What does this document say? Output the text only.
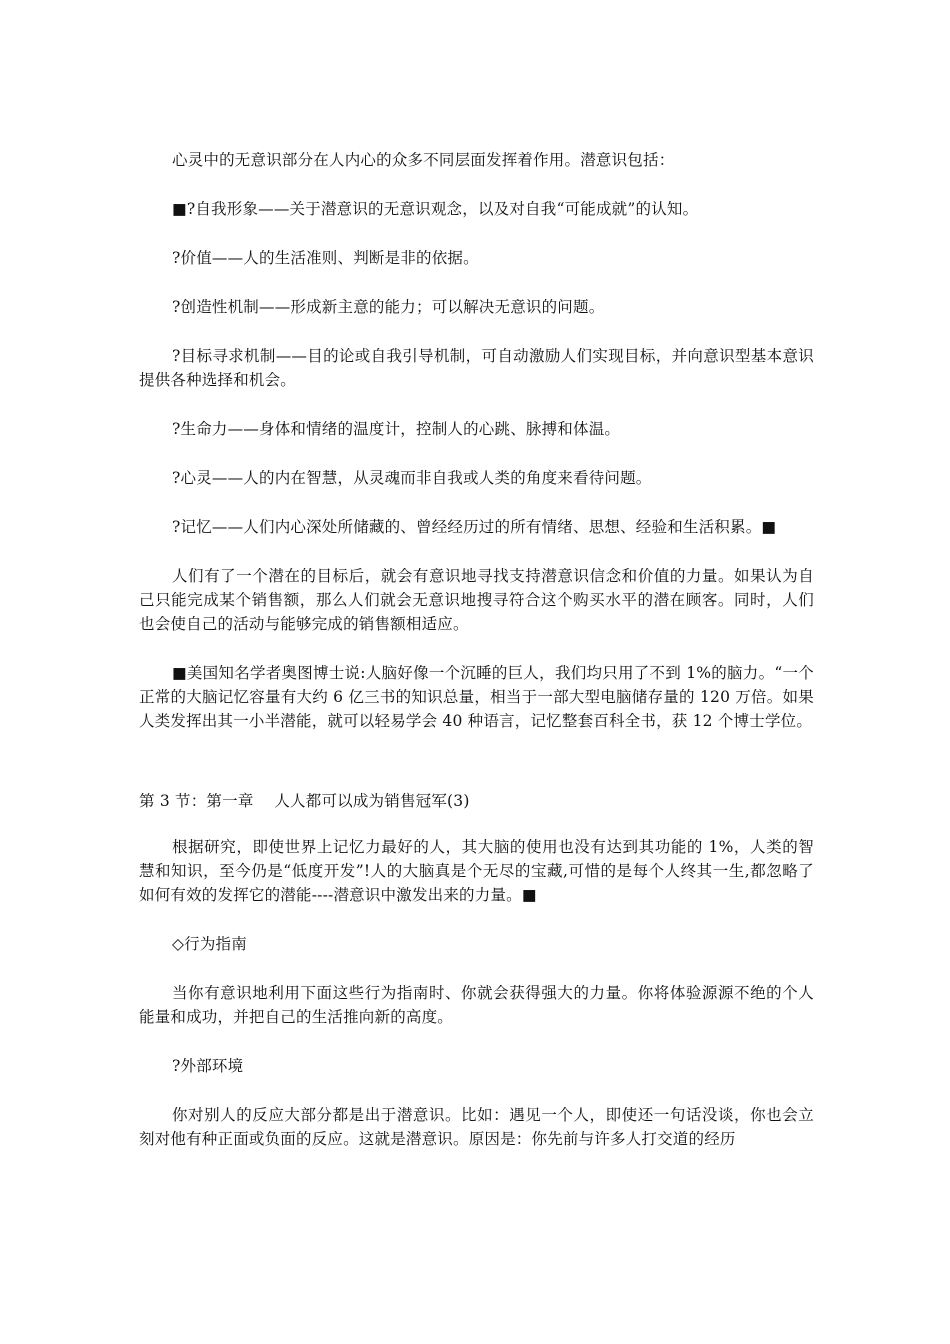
心灵中的无意识部分在人内心的众多不同层面发挥着作用。潜意识包括：

■?自我形象——关于潜意识的无意识观念，以及对自我“可能成就”的认知。

?价值——人的生活准则、判断是非的依据。

?创造性机制——形成新主意的能力；可以解决无意识的问题。

?目标寻求机制——目的论或自我引导机制，可自动激励人们实现目标，并向意识型基本意识提供各种选择和机会。

?生命力——身体和情绪的温度计，控制人的心跳、脉搏和体温。

?心灵——人的内在智慧，从灵魂而非自我或人类的角度来看待问题。

?记忆——人们内心深处所储藏的、曾经经历过的所有情绪、思想、经验和生活积累。■

人们有了一个潜在的目标后，就会有意识地寻找支持潜意识信念和价值的力量。如果认为自己只能完成某个销售额，那么人们就会无意识地搜寻符合这个购买水平的潜在顾客。同时，人们也会使自己的活动与能够完成的销售额相适应。

■美国知名学者奥图博士说:人脑好像一个沉睡的巨人，我们均只用了不到 1%的脑力。“一个正常的大脑记忆容量有大约 6 亿三书的知识总量，相当于一部大型电脑储存量的 120 万倍。如果人类发挥出其一小半潜能，就可以轻易学会 40 种语言，记忆整套百科全书，获 12 个博士学位。

第 3 节：第一章　 人人都可以成为销售冠军(3)

根据研究，即使世界上记忆力最好的人，其大脑的使用也没有达到其功能的 1%，人类的智慧和知识，至今仍是“低度开发”!人的大脑真是个无尽的宝藏,可惜的是每个人终其一生,都忽略了如何有效的发挥它的潜能----潜意识中激发出来的力量。■

◇行为指南

当你有意识地利用下面这些行为指南时、你就会获得强大的力量。你将体验源源不绝的个人能量和成功，并把自己的生活推向新的高度。

?外部环境

你对别人的反应大部分都是出于潜意识。比如：遇见一个人，即使还一句话没谈，你也会立刻对他有种正面或负面的反应。这就是潜意识。原因是：你先前与许多人打交道的经历
